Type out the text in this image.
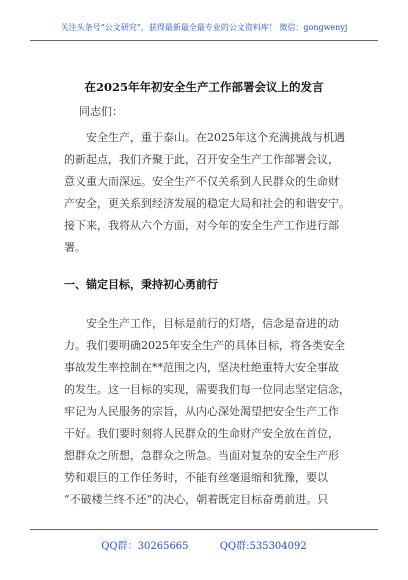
关注头条号“公文研究”，获得最新最全最专业的公文资料库！ 微信：gongwenyj
在2025年年初安全生产工作部署会议上的发言
同志们：
安全生产，重于泰山。在2025年这个充满挑战与机遇
的新起点，我们齐聚于此，召开安全生产工作部署会议，
意义重大而深远。安全生产不仅关系到人民群众的生命财
产安全，更关系到经济发展的稳定大局和社会的和谐安宁。
接下来，我将从六个方面，对今年的安全生产工作进行部
署。
一、锚定目标，秉持初心勇前行
安全生产工作，目标是前行的灯塔，信念是奋进的动
力。我们要明确2025年安全生产的具体目标，将各类安全
事故发生率控制在**范围之内，坚决杜绝重特大安全事故
的发生。这一目标的实现，需要我们每一位同志坚定信念，
牢记为人民服务的宗旨，从内心深处渴望把安全生产工作
干好。我们要时刻将人民群众的生命财产安全放在首位，
想群众之所想，急群众之所急。当面对复杂的安全生产形
势和艰巨的工作任务时，不能有丝毫退缩和犹豫，要以
“不破楼兰终不还”的决心，朝着既定目标奋勇前进。只
QQ群：30265665	QQ群:535304092
